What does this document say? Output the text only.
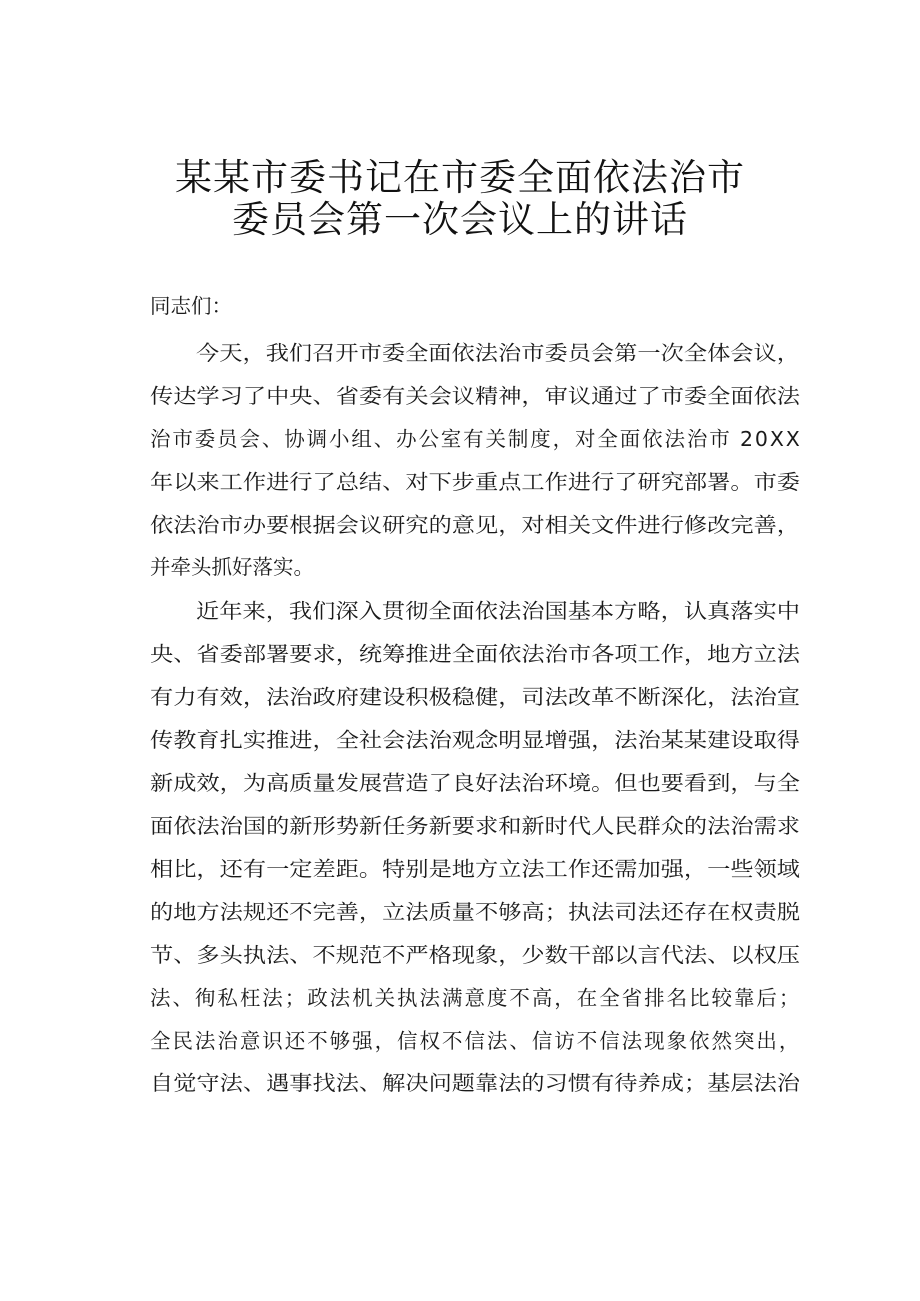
某某市委书记在市委全面依法治市
委员会第一次会议上的讲话
同志们：
今天，我们召开市委全面依法治市委员会第一次全体会议，
传达学习了中央、省委有关会议精神，审议通过了市委全面依法
治市委员会、协调小组、办公室有关制度，对全面依法治市 20XX
年以来工作进行了总结、对下步重点工作进行了研究部署。市委
依法治市办要根据会议研究的意见，对相关文件进行修改完善，
并牵头抓好落实。
近年来，我们深入贯彻全面依法治国基本方略，认真落实中
央、省委部署要求，统筹推进全面依法治市各项工作，地方立法
有力有效，法治政府建设积极稳健，司法改革不断深化，法治宣
传教育扎实推进，全社会法治观念明显增强，法治某某建设取得
新成效，为高质量发展营造了良好法治环境。但也要看到，与全
面依法治国的新形势新任务新要求和新时代人民群众的法治需求
相比，还有一定差距。特别是地方立法工作还需加强，一些领域
的地方法规还不完善，立法质量不够高；执法司法还存在权责脱
节、多头执法、不规范不严格现象，少数干部以言代法、以权压
法、徇私枉法；政法机关执法满意度不高，在全省排名比较靠后；
全民法治意识还不够强，信权不信法、信访不信法现象依然突出，
自觉守法、遇事找法、解决问题靠法的习惯有待养成；基层法治
